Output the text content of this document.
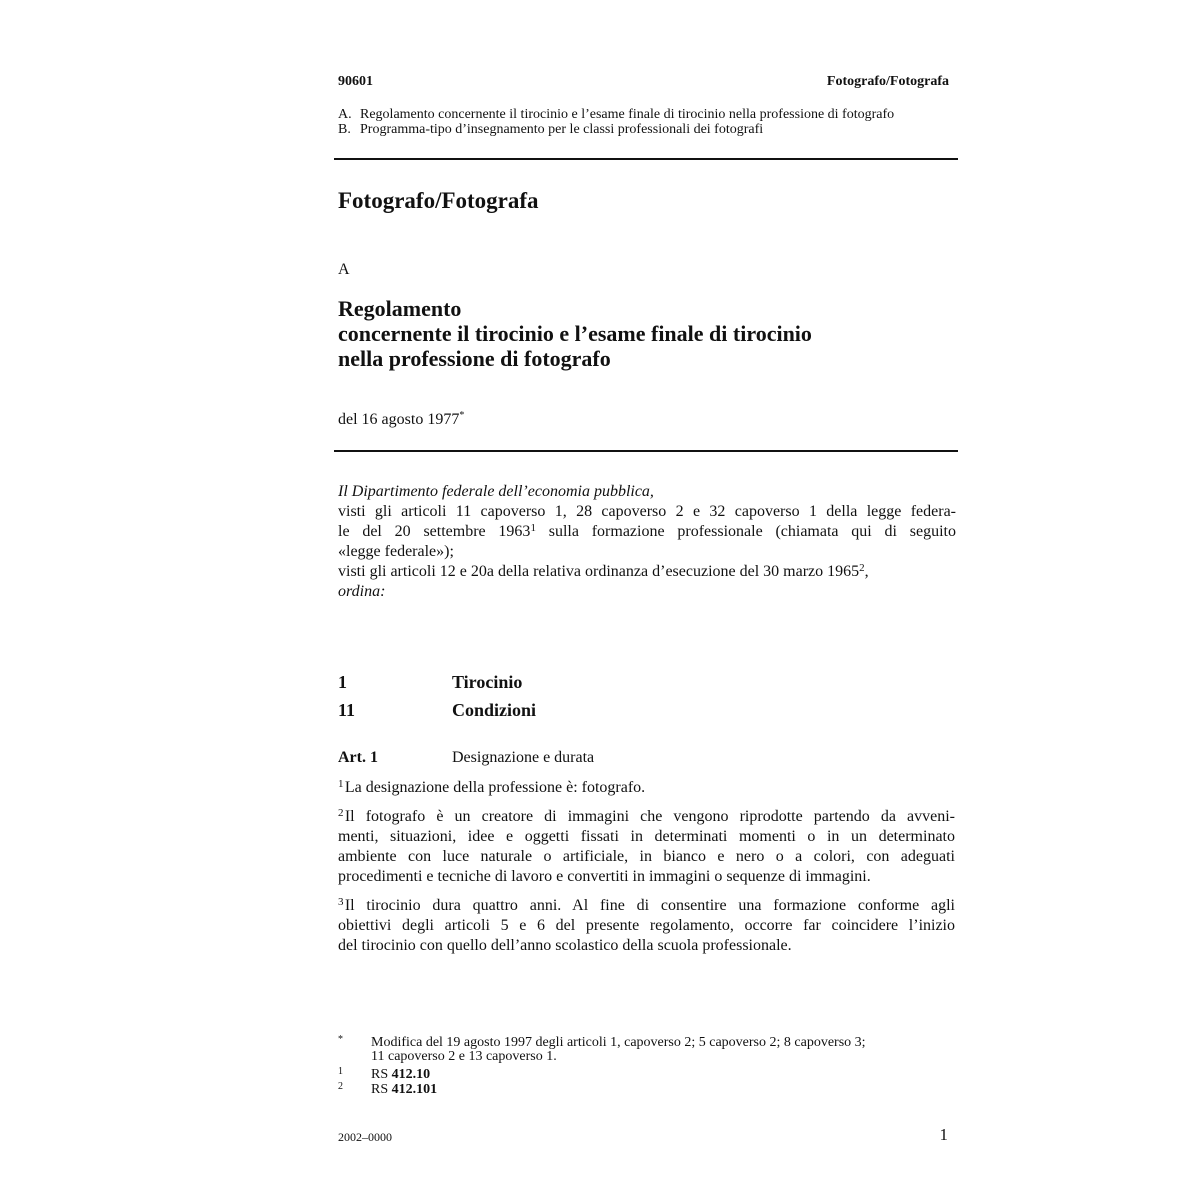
90601	Fotografo/Fotografa
A. Regolamento concernente il tirocinio e l’esame finale di tirocinio nella professione di fotografo
B. Programma-tipo d’insegnamento per le classi professionali dei fotografi
Fotografo/Fotografa
A
Regolamento
concernente il tirocinio e l’esame finale di tirocinio
nella professione di fotografo
del 16 agosto 1977*
Il Dipartimento federale dell’economia pubblica,
visti gli articoli 11 capoverso 1, 28 capoverso 2 e 32 capoverso 1 della legge federa-
le del 20 settembre 1963$^1$ sulla formazione professionale (chiamata qui di seguito
«legge federale»);
visti gli articoli 12 e 20a della relativa ordinanza d’esecuzione del 30 marzo 1965$^2$,
ordina:
1	Tirocinio
11	Condizioni
Art. 1	Designazione e durata
$^1$ La designazione della professione è: fotografo.
$^2$ Il fotografo è un creatore di immagini che vengono riprodotte partendo da avveni-
menti, situazioni, idee e oggetti fissati in determinati momenti o in un determinato
ambiente con luce naturale o artificiale, in bianco e nero o a colori, con adeguati
procedimenti e tecniche di lavoro e convertiti in immagini o sequenze di immagini.
$^3$ Il tirocinio dura quattro anni. Al fine di consentire una formazione conforme agli
obiettivi degli articoli 5 e 6 del presente regolamento, occorre far coincidere l’inizio
del tirocinio con quello dell’anno scolastico della scuola professionale.
* Modifica del 19 agosto 1997 degli articoli 1, capoverso 2; 5 capoverso 2; 8 capoverso 3;
11 capoverso 2 e 13 capoverso 1.
1 RS 412.10
2 RS 412.101
2002–0000	1
